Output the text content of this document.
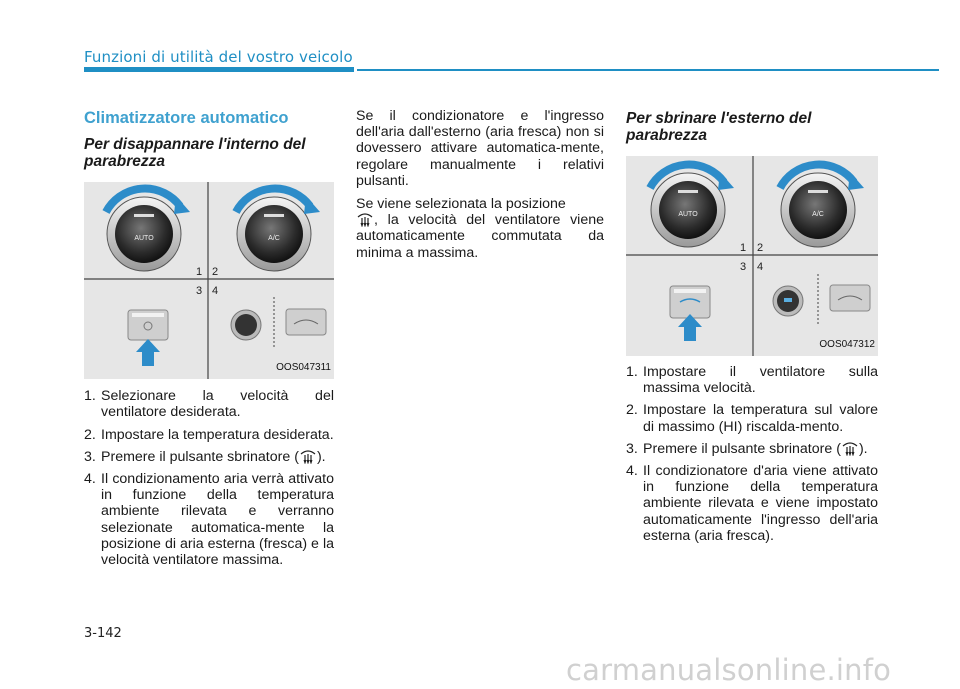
Funzioni di utilità del vostro veicolo
Climatizzatore automatico
Per disappannare l'interno del parabrezza
AUTO	A/C
1 2
3 4
OOS047311
1. Selezionare la velocità del ventilatore desiderata.
2. Impostare la temperatura desiderata.
3. Premere il pulsante sbrinatore ( ).
4. Il condizionamento aria verrà attivato in funzione della temperatura ambiente rilevata e verranno selezionate automatica-mente la posizione di aria esterna (fresca) e la velocità ventilatore massima.

Se il condizionatore e l'ingresso dell'aria dall'esterno (aria fresca) non si dovessero attivare automatica-mente, regolare manualmente i relativi pulsanti.

Se viene selezionata la posizione
, la velocità del ventilatore viene automaticamente commutata da minima a massima.

Per sbrinare l'esterno del parabrezza
AUTO	A/C
1 2
3 4
OOS047312
1. Impostare il ventilatore sulla massima velocità.
2. Impostare la temperatura sul valore di massimo (HI) riscalda-mento.
3. Premere il pulsante sbrinatore ( ).
4. Il condizionatore d'aria viene attivato in funzione della temperatura ambiente rilevata e viene impostato automaticamente l'ingresso dell'aria esterna (aria fresca).
3-142
carmanualsonline.info
